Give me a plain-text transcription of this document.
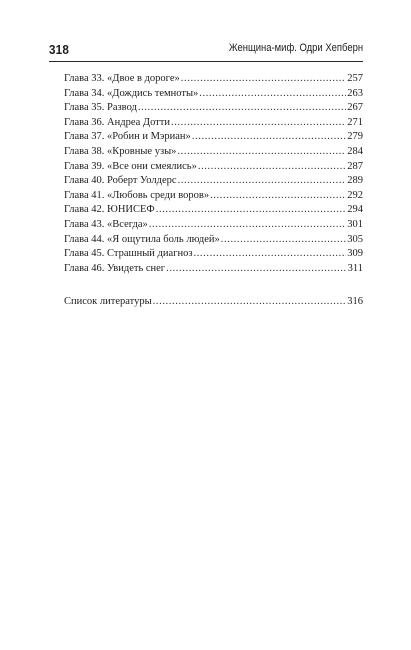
318	Женщина-миф. Одри Хепберн
Глава 33. «Двое в дороге» .....	257
Глава 34. «Дождись темноты» .....	263
Глава 35. Развод .....	267
Глава 36. Андреа Дотти .....	271
Глава 37. «Робин и Мэриан» .....	279
Глава 38. «Кровные узы» .....	284
Глава 39. «Все они смеялись» .....	287
Глава 40. Роберт Уолдерс .....	289
Глава 41. «Любовь среди воров» .....	292
Глава 42. ЮНИСЕФ .....	294
Глава 43. «Всегда» .....	301
Глава 44. «Я ощутила боль людей» .....	305
Глава 45. Страшный диагноз .....	309
Глава 46. Увидеть снег .....	311
Список литературы .....	316
